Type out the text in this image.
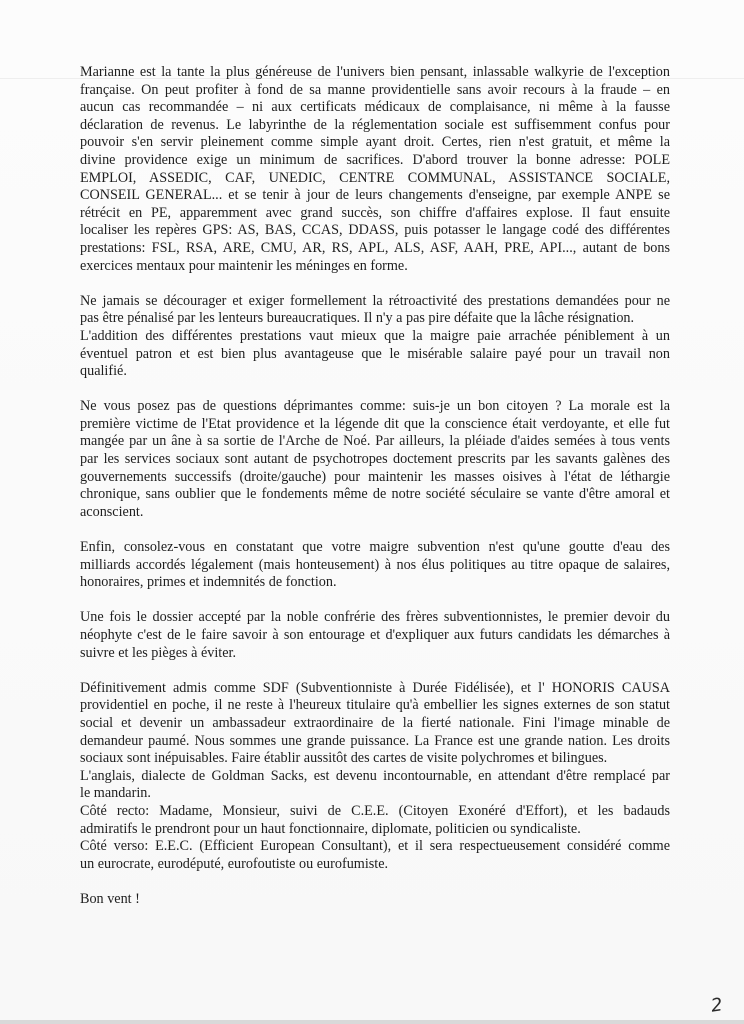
Marianne est la tante la plus généreuse de l'univers bien pensant, inlassable walkyrie de l'exception
française. On peut profiter à fond de sa manne providentielle sans avoir recours à la fraude – en
aucun cas recommandée – ni aux certificats médicaux de complaisance, ni même à la fausse
déclaration de revenus. Le labyrinthe de la réglementation sociale est suffisemment confus pour
pouvoir s'en servir pleinement comme simple ayant droit. Certes, rien n'est gratuit, et même la
divine providence exige un minimum de sacrifices. D'abord trouver la bonne adresse: POLE
EMPLOI, ASSEDIC, CAF, UNEDIC, CENTRE COMMUNAL, ASSISTANCE SOCIALE,
CONSEIL GENERAL... et se tenir à jour de leurs changements d'enseigne, par exemple ANPE se
rétrécit en PE, apparemment avec grand succès, son chiffre d'affaires explose. Il faut ensuite
localiser les repères GPS: AS, BAS, CCAS, DDASS, puis potasser le langage codé des différentes
prestations: FSL, RSA, ARE, CMU, AR, RS, APL, ALS, ASF, AAH, PRE, API..., autant de bons
exercices mentaux pour maintenir les méninges en forme.

Ne jamais se décourager et exiger formellement la rétroactivité des prestations demandées pour ne
pas être pénalisé par les lenteurs bureaucratiques. Il n'y a pas pire défaite que la lâche résignation.
L'addition des différentes prestations vaut mieux que la maigre paie arrachée péniblement à un
éventuel patron et est bien plus avantageuse que le misérable salaire payé pour un travail non
qualifié.

Ne vous posez pas de questions déprimantes comme: suis-je un bon citoyen ? La morale est la
première victime de l'Etat providence et la légende dit que la conscience était verdoyante, et elle fut
mangée par un âne à sa sortie de l'Arche de Noé. Par ailleurs, la pléiade d'aides semées à tous vents
par les services sociaux sont autant de psychotropes doctement prescrits par les savants galènes des
gouvernements successifs (droite/gauche) pour maintenir les masses oisives à l'état de léthargie
chronique, sans oublier que le fondements même de notre société séculaire se vante d'être amoral et
aconscient.

Enfin, consolez-vous en constatant que votre maigre subvention n'est qu'une goutte d'eau des
milliards accordés légalement (mais honteusement) à nos élus politiques au titre opaque de salaires,
honoraires, primes et indemnités de fonction.

Une fois le dossier accepté par la noble confrérie des frères subventionnistes, le premier devoir du
néophyte c'est de le faire savoir à son entourage et d'expliquer aux futurs candidats les démarches à
suivre et les pièges à éviter.

Définitivement admis comme SDF (Subventionniste à Durée Fidélisée), et l' HONORIS CAUSA
providentiel en poche, il ne reste à l'heureux titulaire qu'à embellier les signes externes de son statut
social et devenir un ambassadeur extraordinaire de la fierté nationale. Fini l'image minable de
demandeur paumé. Nous sommes une grande puissance. La France est une grande nation. Les droits
sociaux sont inépuisables. Faire établir aussitôt des cartes de visite polychromes et bilingues.
L'anglais, dialecte de Goldman Sacks, est devenu incontournable, en attendant d'être remplacé par
le mandarin.
Côté recto: Madame, Monsieur, suivi de C.E.E. (Citoyen Exonéré d'Effort), et les badauds
admiratifs le prendront pour un haut fonctionnaire, diplomate, politicien ou syndicaliste.
Côté verso: E.E.C. (Efficient European Consultant), et il sera respectueusement considéré comme
un eurocrate, eurodéputé, eurofoutiste ou eurofumiste.

Bon vent !

2
